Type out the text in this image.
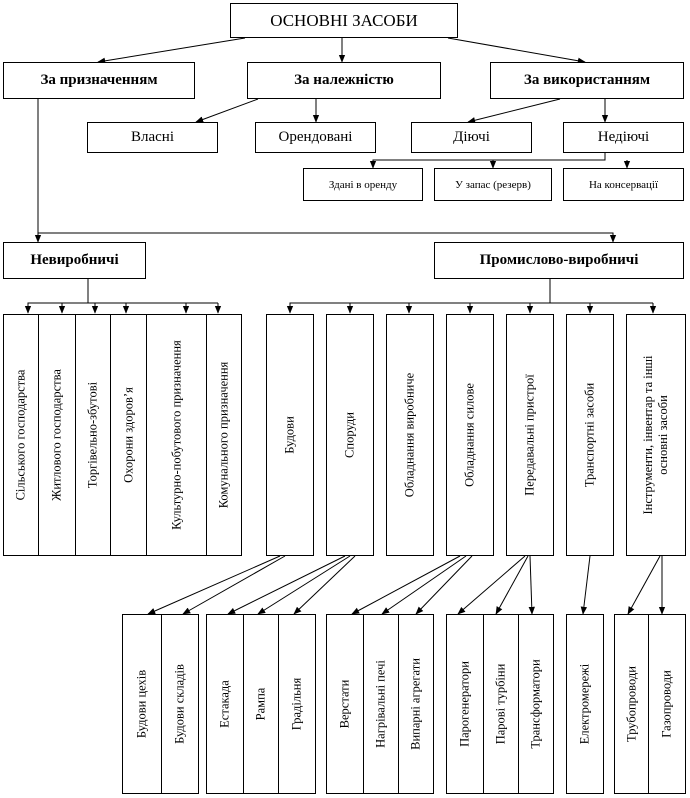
ОСНОВНІ ЗАСОБИ
За призначенням	За належністю	За використанням
Власні	Орендовані	Діючі	Недіючі
Здані в оренду	У запас (резерв)	На консервації
Невиробничі	Промислово-виробничі
Сільського господарства Житлового господарства Торгівельно-збутові Охорони здоров’я	Культурно-побутового призначення	Комунального призначення	Будови	Споруди	Обладнання виробниче	Обладнання силове	Передавальні пристрої	Транспортні засоби	Інструменти, інвентар та інші основні засоби
Будови цехів Будови складів Естакада Рампа Градільня	Верстати Нагрівальні печі Випарні агрегати	Парогенератори Парові турбіни Трансформатори	Електромережі	Трубопроводи Газопроводи
